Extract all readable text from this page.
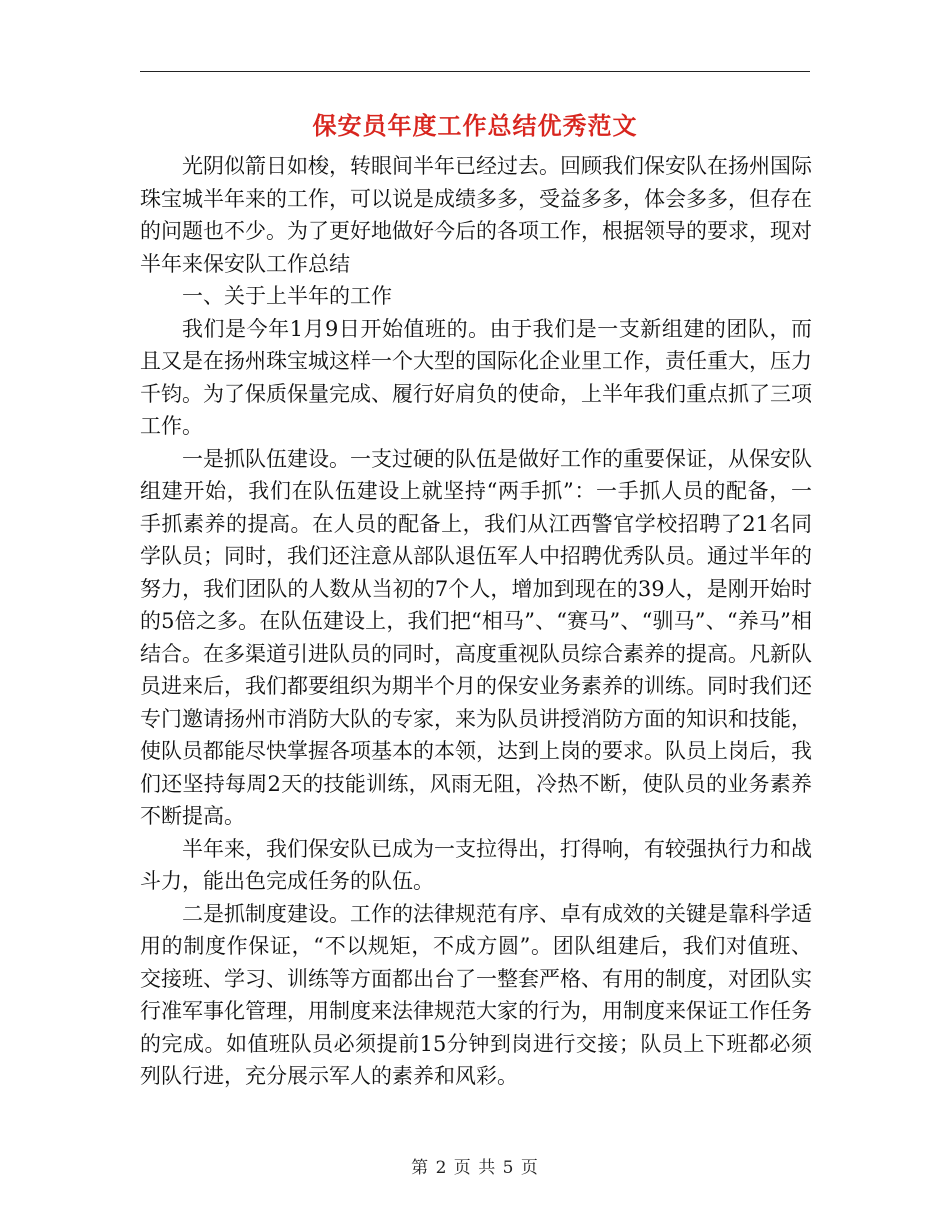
保安员年度工作总结优秀范文

光阴似箭日如梭，转眼间半年已经过去。回顾我们保安队在扬州国际珠宝城半年来的工作，可以说是成绩多多，受益多多，体会多多，但存在的问题也不少。为了更好地做好今后的各项工作，根据领导的要求，现对半年来保安队工作总结

一、关于上半年的工作

我们是今年1月9日开始值班的。由于我们是一支新组建的团队，而且又是在扬州珠宝城这样一个大型的国际化企业里工作，责任重大，压力千钧。为了保质保量完成、履行好肩负的使命，上半年我们重点抓了三项工作。

一是抓队伍建设。一支过硬的队伍是做好工作的重要保证，从保安队组建开始，我们在队伍建设上就坚持“两手抓”：一手抓人员的配备，一手抓素养的提高。在人员的配备上，我们从江西警官学校招聘了21名同学队员；同时，我们还注意从部队退伍军人中招聘优秀队员。通过半年的努力，我们团队的人数从当初的7个人，增加到现在的39人，是刚开始时的5倍之多。在队伍建设上，我们把“相马”、“赛马”、“驯马”、“养马”相结合。在多渠道引进队员的同时，高度重视队员综合素养的提高。凡新队员进来后，我们都要组织为期半个月的保安业务素养的训练。同时我们还专门邀请扬州市消防大队的专家，来为队员讲授消防方面的知识和技能，使队员都能尽快掌握各项基本的本领，达到上岗的要求。队员上岗后，我们还坚持每周2天的技能训练，风雨无阻，冷热不断，使队员的业务素养不断提高。

半年来，我们保安队已成为一支拉得出，打得响，有较强执行力和战斗力，能出色完成任务的队伍。

二是抓制度建设。工作的法律规范有序、卓有成效的关键是靠科学适用的制度作保证，“不以规矩，不成方圆”。团队组建后，我们对值班、交接班、学习、训练等方面都出台了一整套严格、有用的制度，对团队实行准军事化管理，用制度来法律规范大家的行为，用制度来保证工作任务的完成。如值班队员必须提前15分钟到岗进行交接；队员上下班都必须列队行进，充分展示军人的素养和风彩。

第 2 页 共 5 页
